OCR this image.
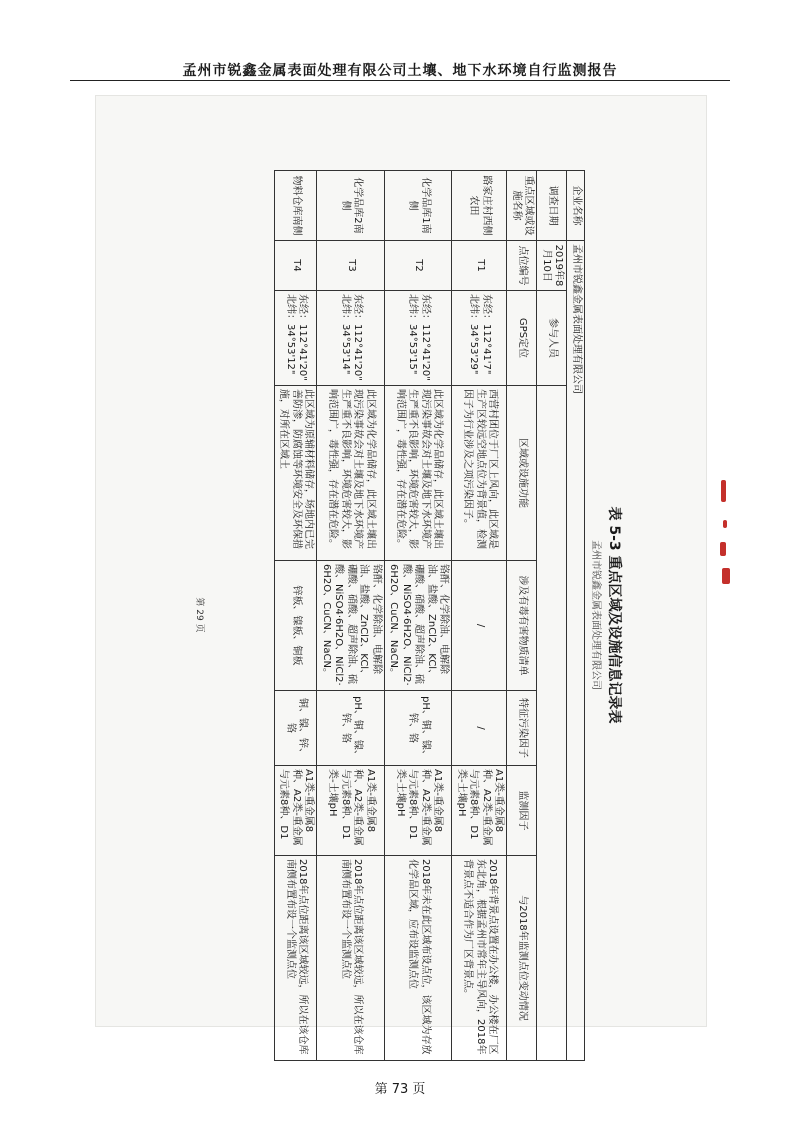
孟州市锐鑫金属表面处理有限公司土壤、地下水环境自行监测报告
表 5-3 重点区域及设施信息记录表
孟州市锐鑫金属表面处理有限公司
企业名称	孟州市锐鑫金属表面处理有限公司						
调查日期	2019年8月10日	参与人员					
重点区域或设施名称	点位编号	GPS定位	区域或设施功能	涉及有毒有害物质清单	特征污染因子	监测因子	与2018年监测点位变动情况
路家庄村西侧农田	T1	东经：112°41'7"
北纬：34°53'29"	西营村团位于厂区上风向，此区域是生产区较远空地点位为背景值，检测因子为行业涉及之项污染因子。	/	/	A1类-重金属8种、A2类-重金属与元素8种、D1类-土壤pH	2018年背景点设置在办公楼，办公楼在厂区东北角，根据孟州市常年主导风向，2018年背景点不适合作为厂区背景点。
化学品库1南侧	T2	东经：112°41'20"
北纬：34°53'15"	此区域为化学品储存，此区域土壤出现污染事故会对土壤及地下水环境产生严重不良影响，环境危害较大，影响范围广，毒性强，存在潜在危险。	铬酐、化学除油、电解除油、盐酸、ZnCl2、KCl、硼酸、硝酸、超声除油、硫酸、NiSO4·6H2O、NiCl2·6H2O、CuCN、NaCN。	pH、铜、镍、锌、铬	A1类-重金属8种、A2类-重金属与元素8种、D1类-土壤pH	2018年未在此区域布设点位，该区域为存放化学品区域，应布设监测点位
化学品库2南侧	T3	东经：112°41'20"
北纬：34°53'14"	此区域为化学品储存，此区域土壤出现污染事故会对土壤及地下水环境产生严重不良影响，环境危害较大，影响范围广，毒性强，存在潜在危险。	铬酐、化学除油、电解除油、盐酸、ZnCl2、KCl、硼酸、硝酸、超声除油、硫酸、NiSO4·6H2O、NiCl2·6H2O、CuCN、NaCN。	pH、铜、镍、锌、铬	A1类-重金属8种、A2类-重金属与元素8种、D1类-土壤pH	2018年点位距离该区域较远，所以在该仓库南侧布置布设一个监测点位
物料仓库南侧	T4	东经：112°41'20"
北纬：34°53'12"	此区域为原辅材料储存，场地内已完善防渗，防腐蚀等环境安全及环保措施，对所在区域土	锌板、镍板、铜板	铜、镍、锌、铬	A1类-重金属8种、A2类-重金属与元素8种、D1	2018年点位距离该区域较远，所以在该仓库南侧布置布设一个监测点位
第 29 页
第 73 页
